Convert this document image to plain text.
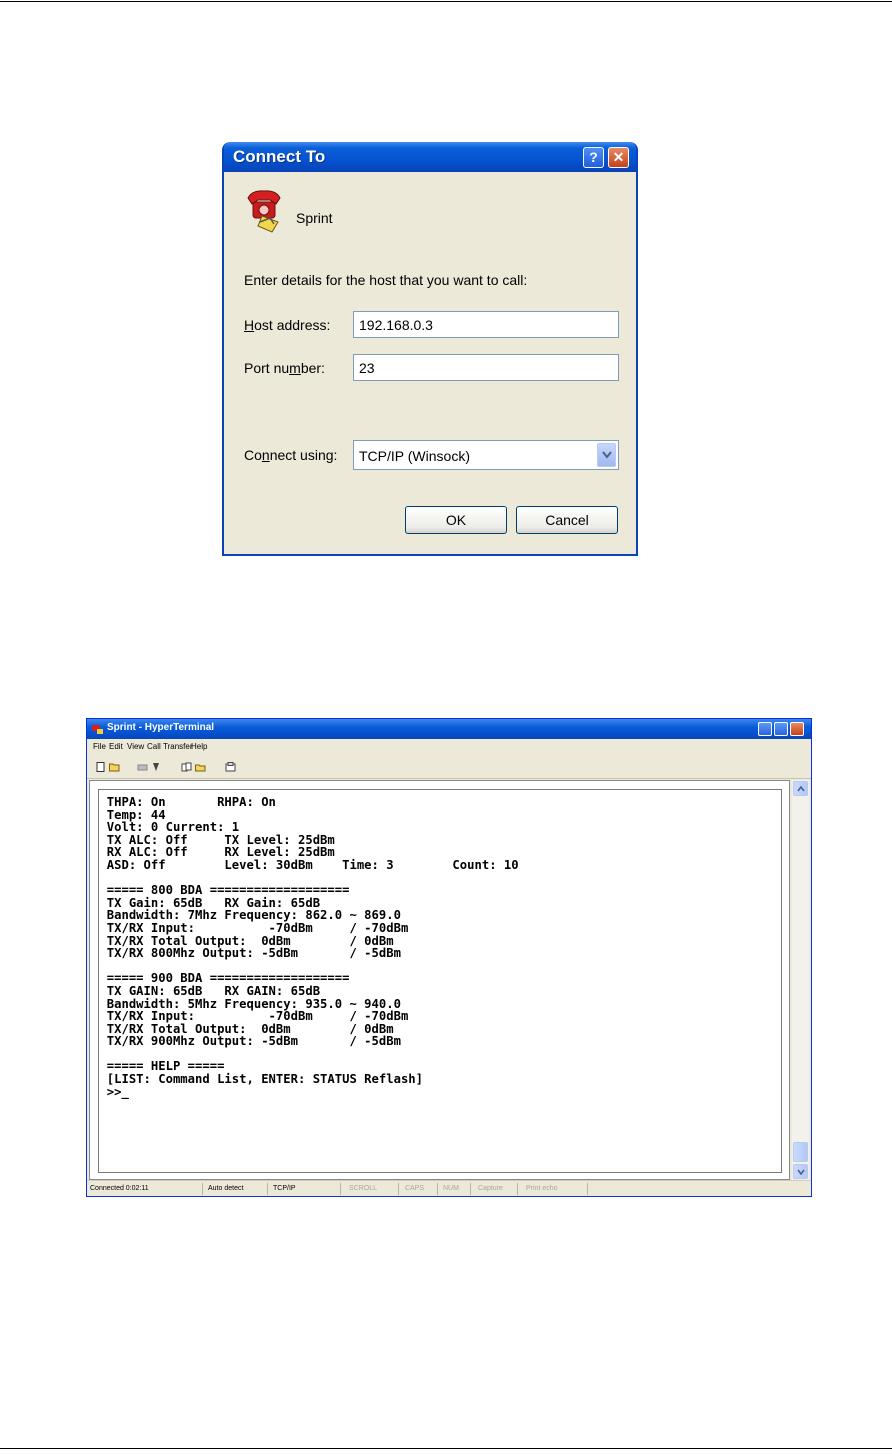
Connect To	?	✕
Sprint
Enter details for the host that you want to call:
Host address:	192.168.0.3
Port number:	23
Connect using:	TCP/IP (Winsock)
OK	Cancel
Sprint - HyperTerminal
File Edit View Call Transfer
Help
THPA: On       RHPA: On
Temp: 44
Volt: 0 Current: 1
TX ALC: Off     TX Level: 25dBm
RX ALC: Off     RX Level: 25dBm
ASD: Off        Level: 30dBm    Time: 3        Count: 10

===== 800 BDA ===================
TX Gain: 65dB   RX Gain: 65dB
Bandwidth: 7Mhz Frequency: 862.0 ~ 869.0
TX/RX Input:          -70dBm     / -70dBm
TX/RX Total Output:  0dBm        / 0dBm
TX/RX 800Mhz Output: -5dBm       / -5dBm

===== 900 BDA ===================
TX GAIN: 65dB   RX GAIN: 65dB
Bandwidth: 5Mhz Frequency: 935.0 ~ 940.0
TX/RX Input:          -70dBm     / -70dBm
TX/RX Total Output:  0dBm        / 0dBm
TX/RX 900Mhz Output: -5dBm       / -5dBm

===== HELP =====
[LIST: Command List, ENTER: STATUS Reflash]
>>_
Connected 0:02:11	Auto detect	TCP/IP	SCROLL	CAPS	NUM	Capture	Print echo
